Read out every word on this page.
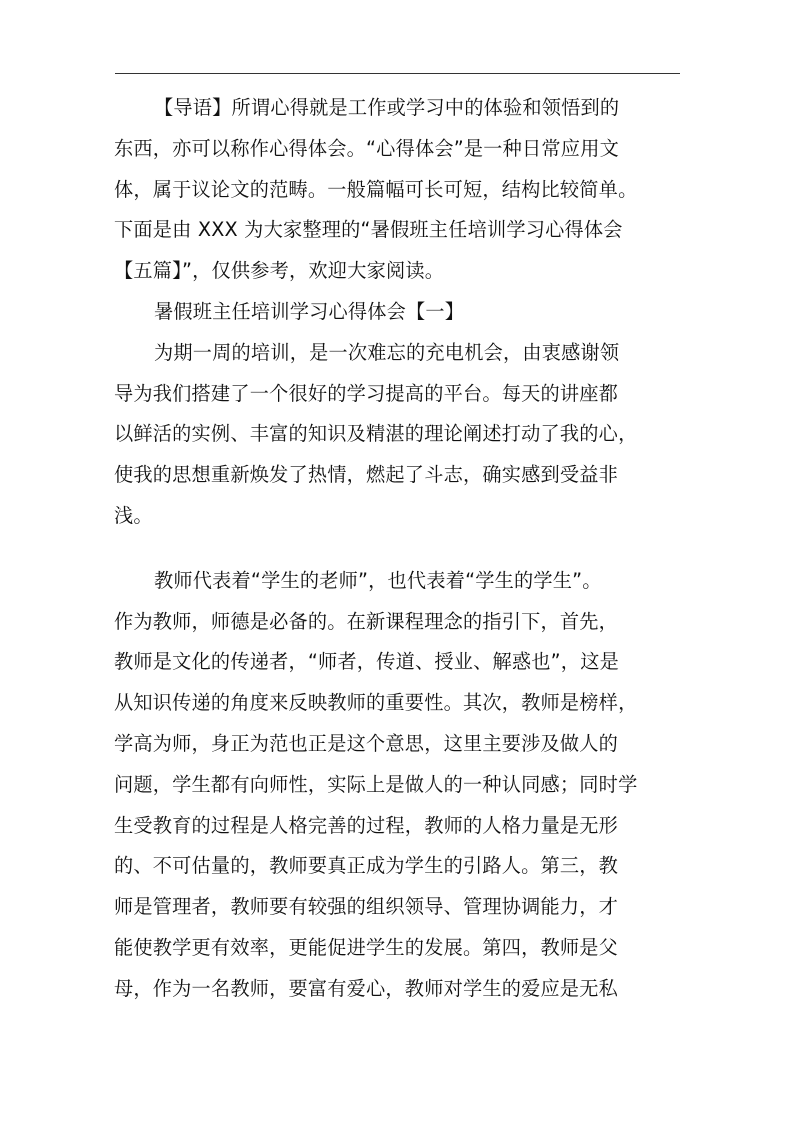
【导语】所谓心得就是工作或学习中的体验和领悟到的
东西，亦可以称作心得体会。“心得体会”是一种日常应用文
体，属于议论文的范畴。一般篇幅可长可短，结构比较简单。
下面是由 XXX 为大家整理的“暑假班主任培训学习心得体会
【五篇】”，仅供参考，欢迎大家阅读。
暑假班主任培训学习心得体会【一】
为期一周的培训，是一次难忘的充电机会，由衷感谢领
导为我们搭建了一个很好的学习提高的平台。每天的讲座都
以鲜活的实例、丰富的知识及精湛的理论阐述打动了我的心，
使我的思想重新焕发了热情，燃起了斗志，确实感到受益非
浅。
教师代表着“学生的老师”，也代表着“学生的学生”。
作为教师，师德是必备的。在新课程理念的指引下，首先，
教师是文化的传递者，“师者，传道、授业、解惑也”，这是
从知识传递的角度来反映教师的重要性。其次，教师是榜样，
学高为师，身正为范也正是这个意思，这里主要涉及做人的
问题，学生都有向师性，实际上是做人的一种认同感；同时学
生受教育的过程是人格完善的过程，教师的人格力量是无形
的、不可估量的，教师要真正成为学生的引路人。第三，教
师是管理者，教师要有较强的组织领导、管理协调能力，才
能使教学更有效率，更能促进学生的发展。第四，教师是父
母，作为一名教师，要富有爱心，教师对学生的爱应是无私
